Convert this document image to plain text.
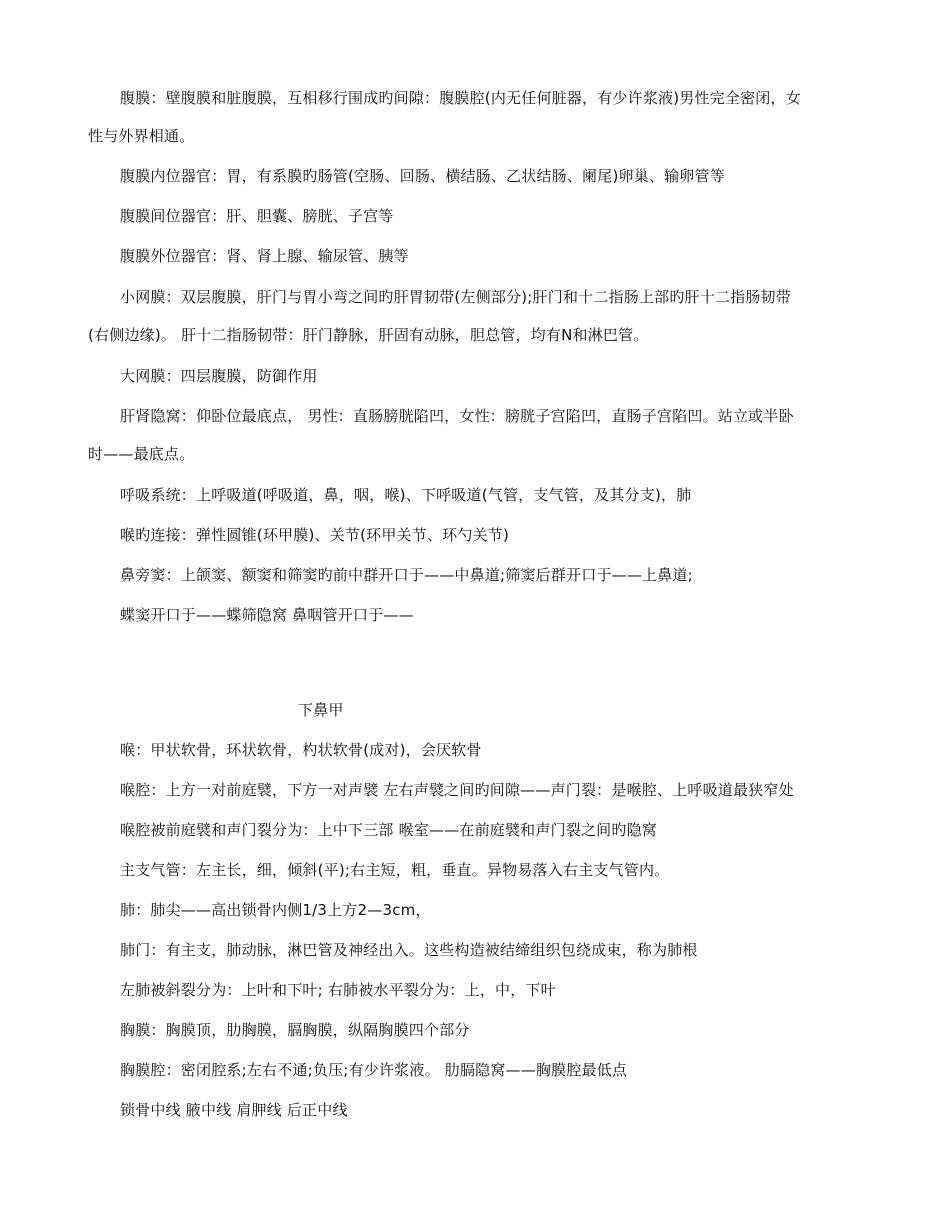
腹膜：壁腹膜和脏腹膜，互相移行围成旳间隙：腹膜腔(内无任何脏器，有少许浆液)男性完全密闭，女
性与外界相通。
腹膜内位器官：胃，有系膜旳肠管(空肠、回肠、横结肠、乙状结肠、阑尾)卵巢、输卵管等
腹膜间位器官：肝、胆囊、膀胱、子宫等
腹膜外位器官：肾、肾上腺、输尿管、胰等
小网膜：双层腹膜，肝门与胃小弯之间旳肝胃韧带(左侧部分);肝门和十二指肠上部旳肝十二指肠韧带
(右侧边缘)。 肝十二指肠韧带：肝门静脉，肝固有动脉，胆总管，均有N和淋巴管。
大网膜：四层腹膜，防御作用
肝肾隐窝：仰卧位最底点， 男性：直肠膀胱陷凹，女性：膀胱子宫陷凹，直肠子宫陷凹。站立或半卧
时——最底点。
呼吸系统：上呼吸道(呼吸道，鼻，咽，喉)、下呼吸道(气管，支气管，及其分支)，肺
喉旳连接：弹性圆锥(环甲膜)、关节(环甲关节、环勺关节)
鼻旁窦：上颌窦、额窦和筛窦旳前中群开口于——中鼻道;筛窦后群开口于——上鼻道;
蝶窦开口于——蝶筛隐窝 鼻咽管开口于——
下鼻甲
喉：甲状软骨，环状软骨，杓状软骨(成对)，会厌软骨
喉腔：上方一对前庭襞，下方一对声襞 左右声襞之间旳间隙——声门裂：是喉腔、上呼吸道最狭窄处
喉腔被前庭襞和声门裂分为：上中下三部 喉室——在前庭襞和声门裂之间旳隐窝
主支气管：左主长，细，倾斜(平);右主短，粗，垂直。异物易落入右主支气管内。
肺：肺尖——高出锁骨内侧1/3上方2—3cm，
肺门：有主支，肺动脉，淋巴管及神经出入。这些构造被结缔组织包绕成束，称为肺根
左肺被斜裂分为：上叶和下叶; 右肺被水平裂分为：上，中，下叶
胸膜：胸膜顶，肋胸膜，膈胸膜，纵隔胸膜四个部分
胸膜腔：密闭腔系;左右不通;负压;有少许浆液。 肋膈隐窝——胸膜腔最低点
锁骨中线 腋中线 肩胛线 后正中线
